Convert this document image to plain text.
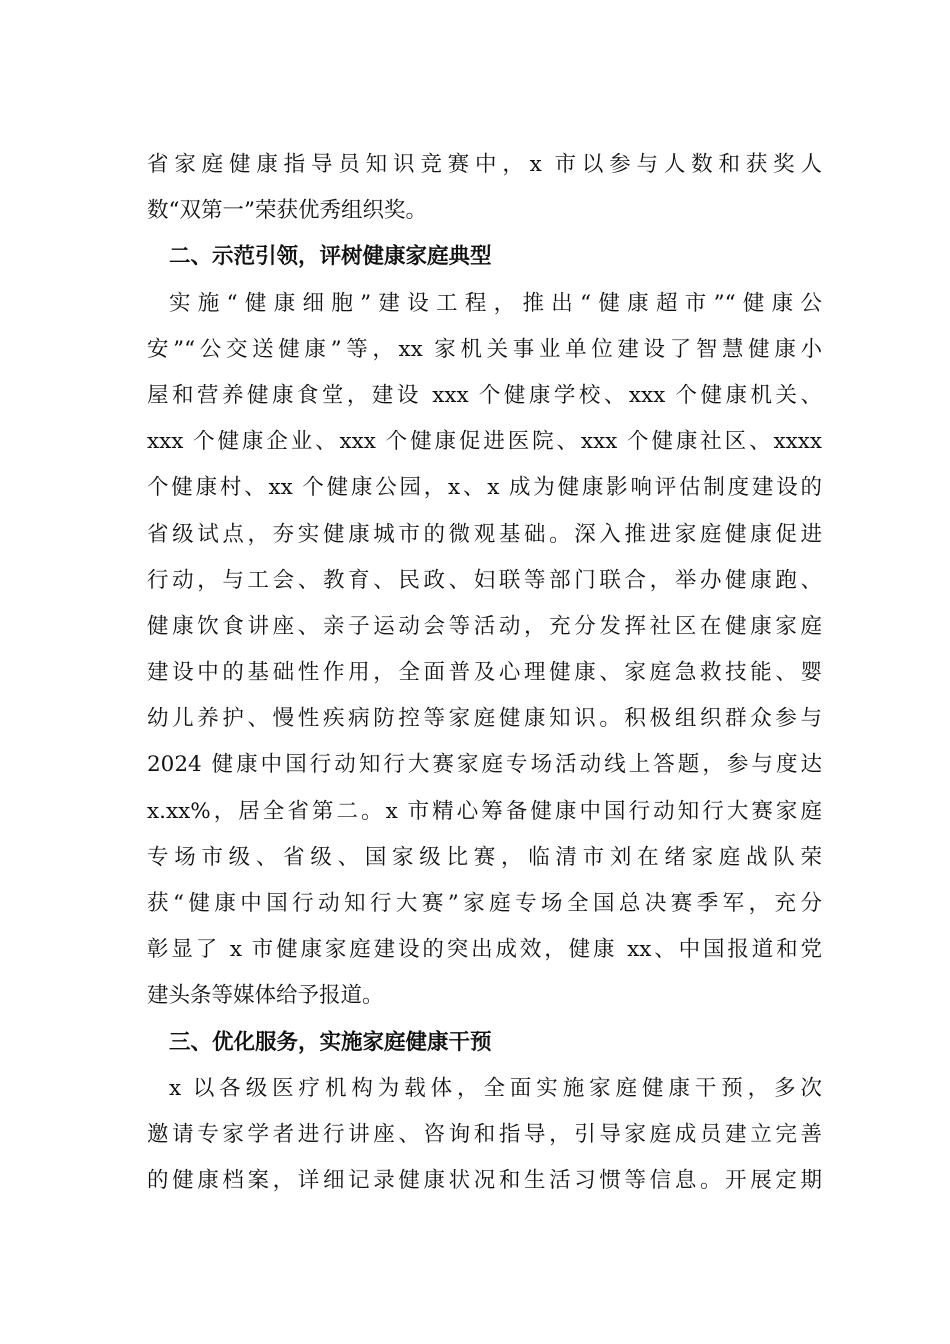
省家庭健康指导员知识竞赛中，x 市以参与人数和获奖人
数“双第一”荣获优秀组织奖。
二、示范引领，评树健康家庭典型
实施“健康细胞”建设工程，推出“健康超市”“健康公
安”“公交送健康”等，xx 家机关事业单位建设了智慧健康小
屋和营养健康食堂，建设 xxx 个健康学校、xxx 个健康机关、
xxx 个健康企业、xxx 个健康促进医院、xxx 个健康社区、xxxx
个健康村、xx 个健康公园，x、x 成为健康影响评估制度建设的
省级试点，夯实健康城市的微观基础。深入推进家庭健康促进
行动，与工会、教育、民政、妇联等部门联合，举办健康跑、
健康饮食讲座、亲子运动会等活动，充分发挥社区在健康家庭
建设中的基础性作用，全面普及心理健康、家庭急救技能、婴
幼儿养护、慢性疾病防控等家庭健康知识。积极组织群众参与
2024 健康中国行动知行大赛家庭专场活动线上答题，参与度达
x.xx%，居全省第二。x 市精心筹备健康中国行动知行大赛家庭
专场市级、省级、国家级比赛，临清市刘在绪家庭战队荣
获“健康中国行动知行大赛”家庭专场全国总决赛季军，充分
彰显了 x 市健康家庭建设的突出成效，健康 xx、中国报道和党
建头条等媒体给予报道。
三、优化服务，实施家庭健康干预
x 以各级医疗机构为载体，全面实施家庭健康干预，多次
邀请专家学者进行讲座、咨询和指导，引导家庭成员建立完善
的健康档案，详细记录健康状况和生活习惯等信息。开展定期
